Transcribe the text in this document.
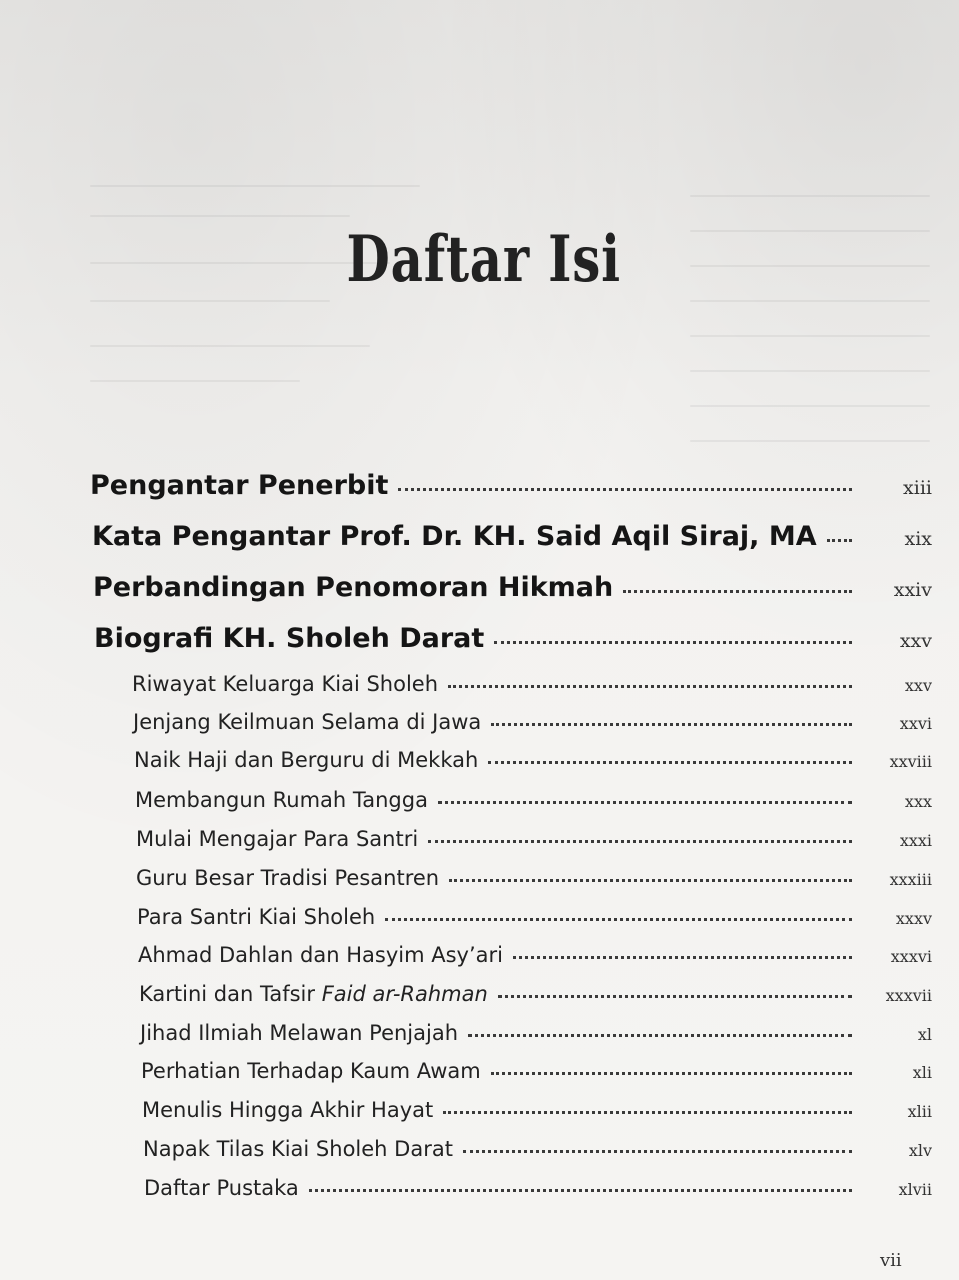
Daftar Isi
Pengantar Penerbit	xiii
Kata Pengantar Prof. Dr. KH. Said Aqil Siraj, MA	xix
Perbandingan Penomoran Hikmah	xxiv
Biografi KH. Sholeh Darat	xxv
Riwayat Keluarga Kiai Sholeh	xxv
Jenjang Keilmuan Selama di Jawa	xxvi
Naik Haji dan Berguru di Mekkah	xxviii
Membangun Rumah Tangga	xxx
Mulai Mengajar Para Santri	xxxi
Guru Besar Tradisi Pesantren	xxxiii
Para Santri Kiai Sholeh	xxxv
Ahmad Dahlan dan Hasyim Asy’ari	xxxvi
Kartini dan Tafsir Faid ar-Rahman	xxxvii
Jihad Ilmiah Melawan Penjajah	xl
Perhatian Terhadap Kaum Awam	xli
Menulis Hingga Akhir Hayat	xlii
Napak Tilas Kiai Sholeh Darat	xlv
Daftar Pustaka	xlvii
vii
